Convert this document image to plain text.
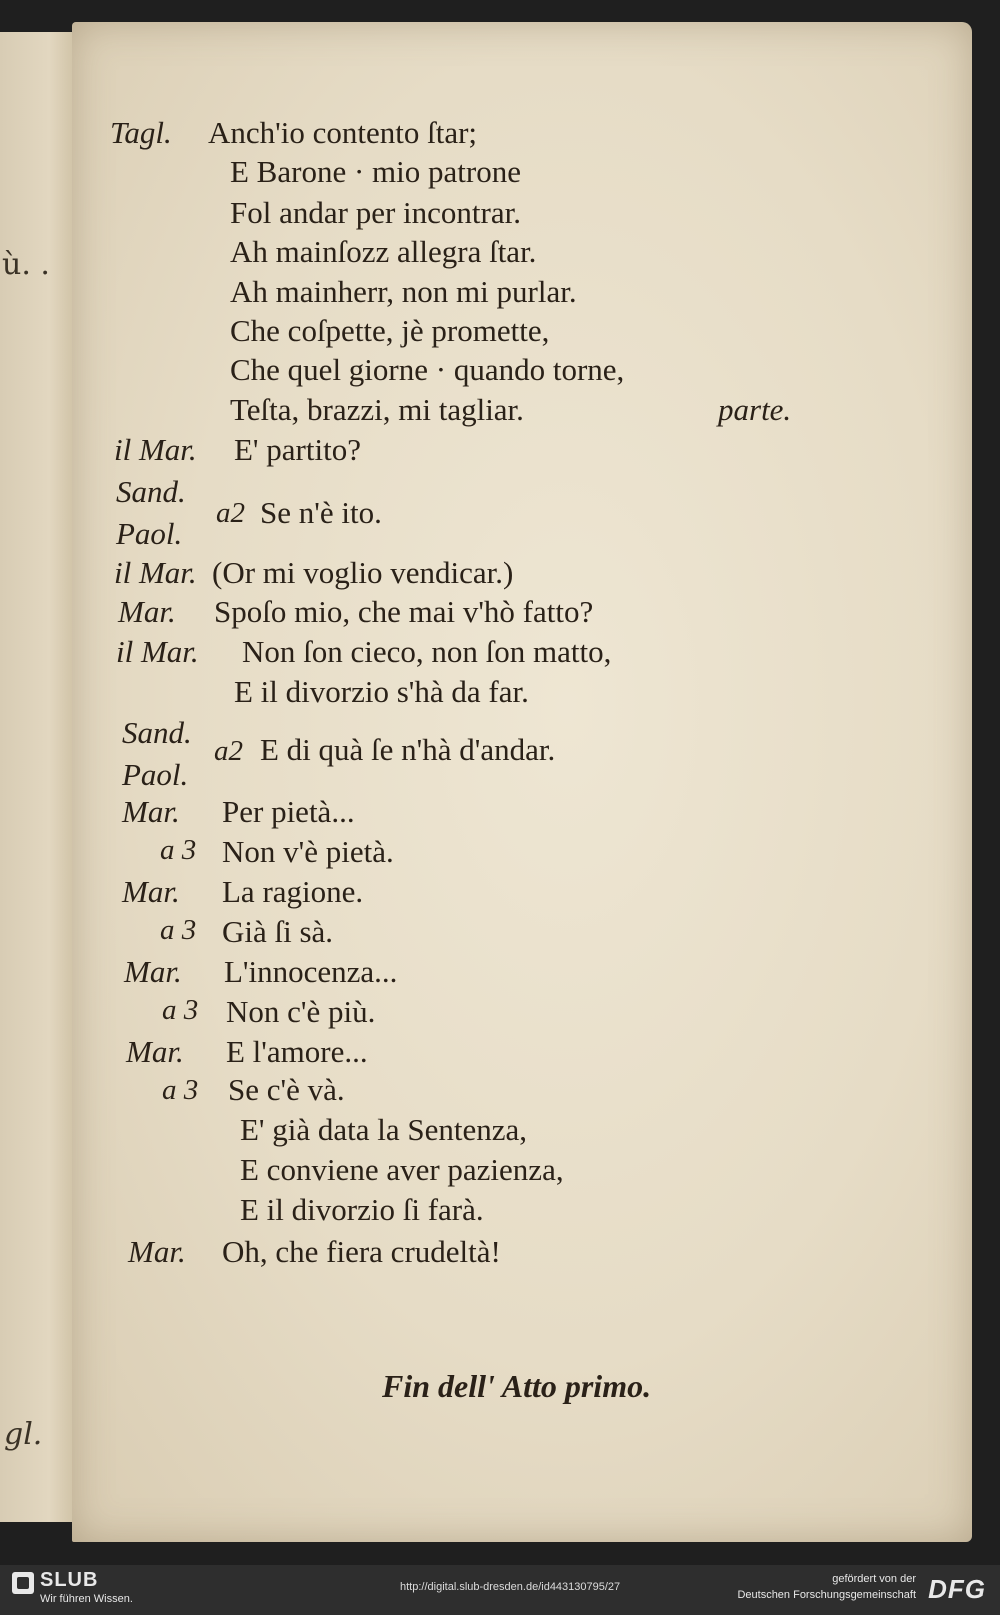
ù. .
gl.
Tagl. Anch'io contento ſtar;
E Barone · mio patrone
Fol andar per incontrar.
Ah mainſozz allegra ſtar.
Ah mainherr, non mi purlar.
Che coſpette, jè promette,
Che quel giorne · quando torne,
Teſta, brazzi, mi tagliar.	parte.
il Mar. E' partito?
Sand.
Paol.
a2 Se n'è ito.
il Mar. (Or mi voglio vendicar.)
Mar. Spoſo mio, che mai v'hò fatto?
il Mar. Non ſon cieco, non ſon matto,
E il divorzio s'hà da far.
Sand.
Paol.
a2 E di quà ſe n'hà d'andar.
Mar. Per pietà...
a 3 Non v'è pietà.
Mar. La ragione.
a 3 Già ſi sà.
Mar. L'innocenza...
a 3 Non c'è più.
Mar. E l'amore...
a 3 Se c'è và.
E' già data la Sentenza,
E conviene aver pazienza,
E il divorzio ſi farà.
Mar. Oh, che fiera crudeltà!
Fin dell' Atto primo.
SLUB
Wir führen Wissen.
http://digital.slub-dresden.de/id443130795/27
gefördert von der
Deutschen Forschungsgemeinschaft DFG
